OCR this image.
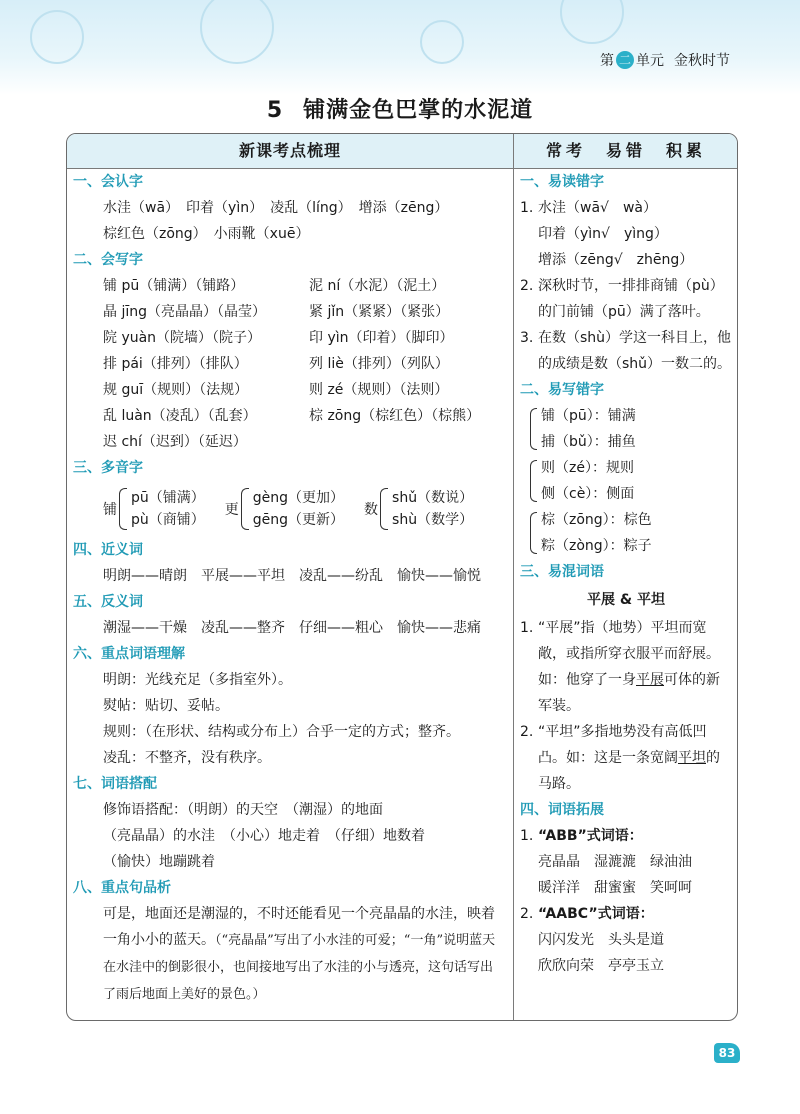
第 二 单元 金秋时节
5 铺满金色巴掌的水泥道
新课考点梳理
一、会认字
水洼（wā）　印着（yìn）　凌乱（líng）　增添（zēng）
棕红色（zōng）　小雨靴（xuē）
二、会写字
铺 pū（铺满）（铺路）	泥 ní（水泥）（泥土）
晶 jīng（亮晶晶）（晶莹）	紧 jǐn（紧紧）（紧张）
院 yuàn（院墙）（院子）	印 yìn（印着）（脚印）
排 pái（排列）（排队）	列 liè（排列）（列队）
规 guī（规则）（法规）	则 zé（规则）（法则）
乱 luàn（凌乱）（乱套）	棕 zōng（棕红色）（棕熊）
迟 chí（迟到）（延迟）
三、多音字
铺
pū（铺满）
pù（商铺）
更
gèng（更加）
gēng（更新）
数
shǔ（数说）
shù（数学）
四、近义词
明朗——晴朗　平展——平坦　凌乱——纷乱　愉快——愉悦
五、反义词
潮湿——干燥　凌乱——整齐　仔细——粗心　愉快——悲痛
六、重点词语理解
明朗：光线充足（多指室外）。
熨帖：贴切、妥帖。
规则：（在形状、结构或分布上）合乎一定的方式；整齐。
凌乱：不整齐，没有秩序。
七、词语搭配
修饰语搭配：（明朗）的天空　（潮湿）的地面
（亮晶晶）的水洼　（小心）地走着　（仔细）地数着
（愉快）地蹦跳着
八、重点句品析
可是，地面还是潮湿的，不时还能看见一个亮晶晶的水洼，映着一角小小的蓝天。（“亮晶晶”写出了小水洼的可爱；“一角”说明蓝天在水洼中的倒影很小，也间接地写出了水洼的小与透亮，这句话写出了雨后地面上美好的景色。）
常考　易错　积累
一、易读错字
1. 水洼（wā√　wà）
印着（yìn√　yìng）
增添（zēng√　zhēng）
2. 深秋时节，一排排商铺（pù）的门前铺（pū）满了落叶。
3. 在数（shù）学这一科目上，他的成绩是数（shǔ）一数二的。
二、易写错字
铺（pū）：铺满
捕（bǔ）：捕鱼
则（zé）：规则
侧（cè）：侧面
棕（zōng）：棕色
粽（zòng）：粽子
三、易混词语
平展 & 平坦
1. “平展”指（地势）平坦而宽敞，或指所穿衣服平而舒展。如：他穿了一身平展可体的新军装。
2. “平坦”多指地势没有高低凹凸。如：这是一条宽阔平坦的马路。
四、词语拓展
1. “ABB”式词语：
亮晶晶　湿漉漉　绿油油
暖洋洋　甜蜜蜜　笑呵呵
2. “AABC”式词语：
闪闪发光　头头是道
欣欣向荣　亭亭玉立
83
